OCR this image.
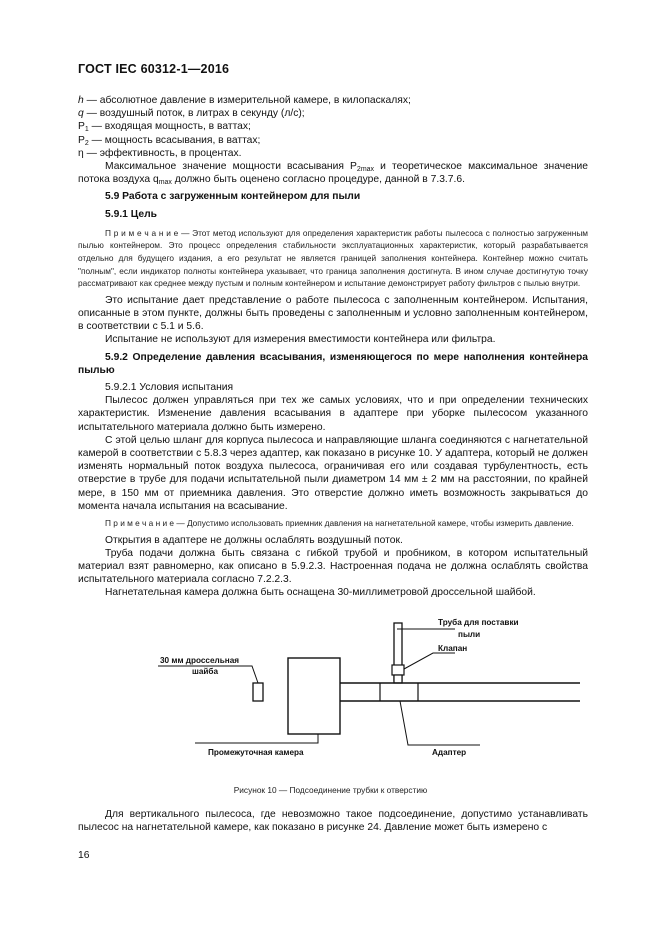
ГОСТ IEC 60312-1—2016

h — абсолютное давление в измерительной камере, в килопаскалях;

q — воздушный поток, в литрах в секунду (л/с);

$P_1$ — входящая мощность, в ваттах;

$P_2$ — мощность всасывания, в ваттах;

η — эффективность, в процентах.

Максимальное значение мощности всасывания $P_{2max}$ и теоретическое максимальное значение потока воздуха $q_{max}$ должно быть оценено согласно процедуре, данной в 7.3.7.6.

5.9 Работа с загруженным контейнером для пыли

5.9.1 Цель

П р и м е ч а н и е — Этот метод используют для определения характеристик работы пылесоса с полностью загруженным пылью контейнером. Это процесс определения стабильности эксплуатационных характеристик, который разрабатывается отдельно для будущего издания, а его результат не является границей заполнения контейнера. Контейнер можно считать "полным", если индикатор полноты контейнера указывает, что граница заполнения достигнута. В ином случае достигнутую точку рассматривают как среднее между пустым и полным контейнером и испытание демонстрирует работу фильтров с пылью внутри.

Это испытание дает представление о работе пылесоса с заполненным контейнером. Испытания, описанные в этом пункте, должны быть проведены с заполненным и условно заполненным контейнером, в соответствии с 5.1 и 5.6.

Испытание не используют для измерения вместимости контейнера или фильтра.

5.9.2 Определение давления всасывания, изменяющегося по мере наполнения контейнера пылью

5.9.2.1 Условия испытания

Пылесос должен управляться при тех же самых условиях, что и при определении технических характеристик. Изменение давления всасывания в адаптере при уборке пылесосом указанного испытательного материала должно быть измерено.

С этой целью шланг для корпуса пылесоса и направляющие шланга соединяются с нагнетательной камерой в соответствии с 5.8.3 через адаптер, как показано в рисунке 10. У адаптера, который не должен изменять нормальный поток воздуха пылесоса, ограничивая его или создавая турбулентность, есть отверстие в трубе для подачи испытательной пыли диаметром 14 мм ± 2 мм на расстоянии, по крайней мере, в 150 мм от приемника давления. Это отверстие должно иметь возможность закрываться до момента начала испытания на всасывание.

П р и м е ч а н и е — Допустимо использовать приемник давления на нагнетательной камере, чтобы измерить давление.

Открытия в адаптере не должны ослаблять воздушный поток.

Труба подачи должна быть связана с гибкой трубой и пробником, в котором испытательный материал взят равномерно, как описано в 5.9.2.3. Настроенная подача не должна ослаблять свойства испытательного материала согласно 7.2.2.3.

Нагнетательная камера должна быть оснащена 30-миллиметровой дроссельной шайбой.

Труба для поставки
пыли
Клапан
30 мм дроссельная
шайба
Промежуточная камера	Адаптер
Рисунок 10 — Подсоединение трубки к отверстию

Для вертикального пылесоса, где невозможно такое подсоединение, допустимо устанавливать пылесос на нагнетательной камере, как показано в рисунке 24. Давление может быть измерено с

16
